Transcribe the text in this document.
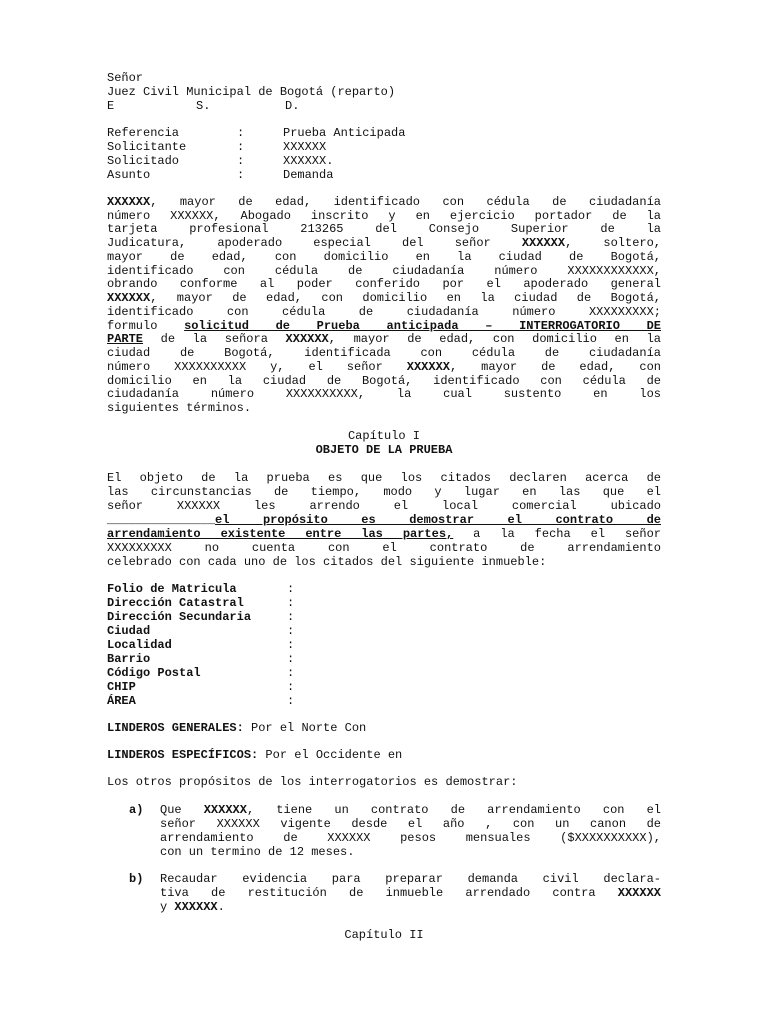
Señor
Juez Civil Municipal de Bogotá (reparto)
E	S.	D.
Referencia	:	Prueba Anticipada
Solicitante	:	XXXXXX
Solicitado	:	XXXXXX.
Asunto	:	Demanda
XXXXXX, mayor de edad, identificado con cédula de ciudadanía
número XXXXXX, Abogado inscrito y en ejercicio portador de la
tarjeta profesional 213265 del Consejo Superior de la
Judicatura, apoderado especial del señor XXXXXX, soltero,
mayor de edad, con domicilio en la ciudad de Bogotá,
identificado con cédula de ciudadanía número XXXXXXXXXXXX,
obrando conforme al poder conferido por el apoderado general
XXXXXX, mayor de edad, con domicilio en la ciudad de Bogotá,
identificado con cédula de ciudadanía número XXXXXXXXX;
formulo solicitud de Prueba anticipada – INTERROGATORIO DE
PARTE de la señora XXXXXX, mayor de edad, con domicilio en la
ciudad de Bogotá, identificada con cédula de ciudadanía
número XXXXXXXXXX y, el señor XXXXXX, mayor de edad, con
domicilio en la ciudad de Bogotá, identificado con cédula de
ciudadanía número XXXXXXXXXX, la cual sustento en los
siguientes términos.
Capítulo I
OBJETO DE LA PRUEBA
El objeto de la prueba es que los citados declaren acerca de
las circunstancias de tiempo, modo y lugar en las que el
señor XXXXXX les arrendo el local comercial ubicado
_______________el propósito es demostrar el contrato de
arrendamiento existente entre las partes, a la fecha el señor
XXXXXXXXX no cuenta con el contrato de arrendamiento
celebrado con cada uno de los citados del siguiente inmueble:
Folio de Matricula	:
Dirección Catastral	:
Dirección Secundaria	:
Ciudad	:
Localidad	:
Barrio	:
Código Postal	:
CHIP	:
ÁREA	:
LINDEROS GENERALES: Por el Norte Con
LINDEROS ESPECÍFICOS: Por el Occidente en
Los otros propósitos de los interrogatorios es demostrar:
a) Que XXXXXX, tiene un contrato de arrendamiento con el
señor XXXXXX vigente desde el año , con un canon de
arrendamiento de XXXXXX pesos mensuales ($XXXXXXXXXX),
con un termino de 12 meses.
b) Recaudar evidencia para preparar demanda civil declara-
tiva de restitución de inmueble arrendado contra XXXXXX
y XXXXXX.
Capítulo II
